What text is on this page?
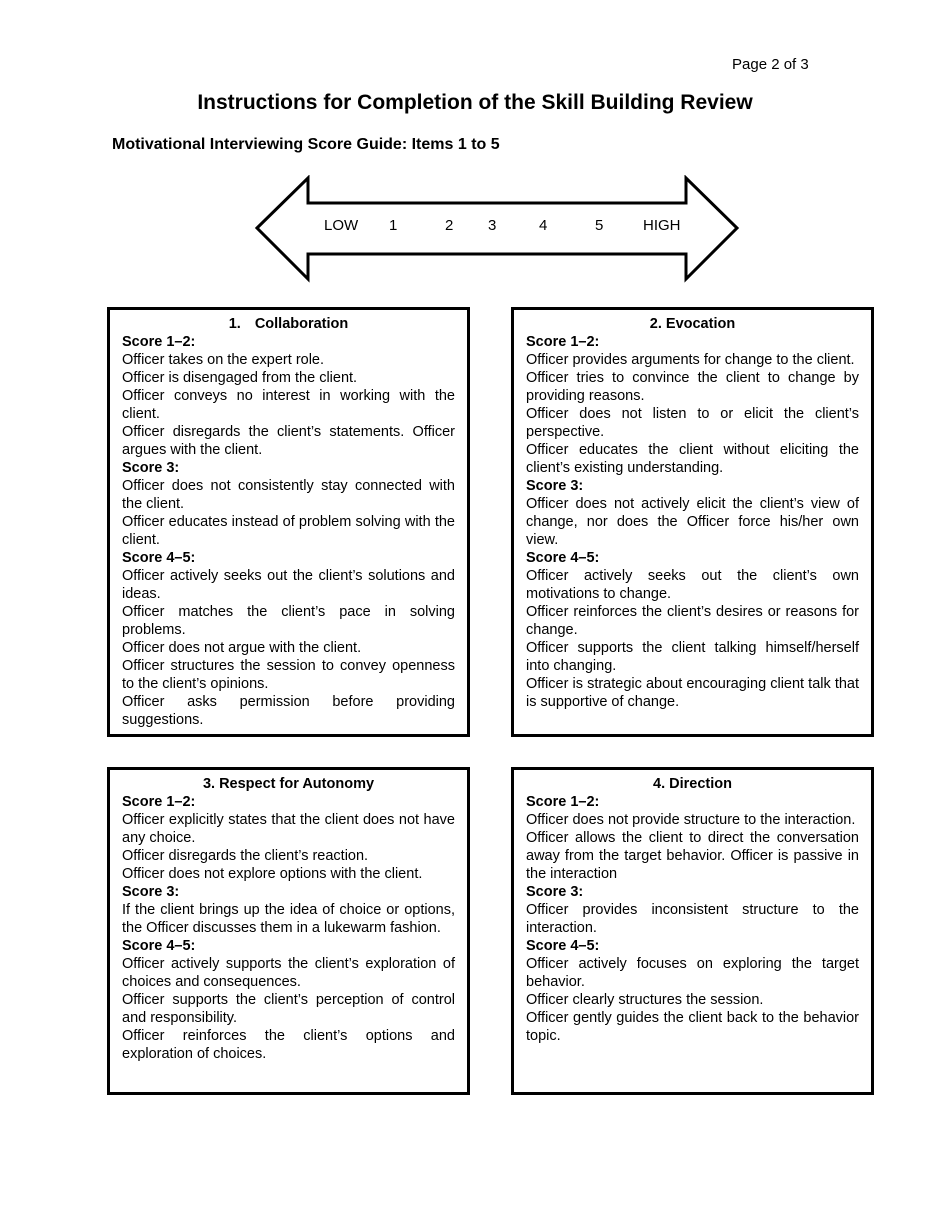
Page 2 of 3
Instructions for Completion of the Skill Building Review
Motivational Interviewing Score Guide: Items 1 to 5
LOW 1	2 3	4	5	HIGH
1. Collaboration
Score 1–2:
Officer takes on the expert role.
Officer is disengaged from the client.
Officer conveys no interest in working with the client.
Officer disregards the client’s statements. Officer argues with the client.
Score 3:
Officer does not consistently stay connected with the client.
Officer educates instead of problem solving with the client.
Score 4–5:
Officer actively seeks out the client’s solutions and ideas.
Officer matches the client’s pace in solving problems.
Officer does not argue with the client.
Officer structures the session to convey openness to the client’s opinions.
Officer asks permission before providing suggestions.
2. Evocation
Score 1–2:
Officer provides arguments for change to the client.
Officer tries to convince the client to change by providing reasons.
Officer does not listen to or elicit the client’s perspective.
Officer educates the client without eliciting the client’s existing understanding.
Score 3:
Officer does not actively elicit the client’s view of change, nor does the Officer force his/her own view.
Score 4–5:
Officer actively seeks out the client’s own motivations to change.
Officer reinforces the client’s desires or reasons for change.
Officer supports the client talking himself/herself into changing.
Officer is strategic about encouraging client talk that is supportive of change.
3. Respect for Autonomy
Score 1–2:
Officer explicitly states that the client does not have any choice.
Officer disregards the client’s reaction.
Officer does not explore options with the client.
Score 3:
If the client brings up the idea of choice or options, the Officer discusses them in a lukewarm fashion.
Score 4–5:
Officer actively supports the client’s exploration of choices and consequences.
Officer supports the client’s perception of control and responsibility.
Officer reinforces the client’s options and exploration of choices.
4. Direction
Score 1–2:
Officer does not provide structure to the interaction.
Officer allows the client to direct the conversation away from the target behavior. Officer is passive in the interaction
Score 3:
Officer provides inconsistent structure to the interaction.
Score 4–5:
Officer actively focuses on exploring the target behavior.
Officer clearly structures the session.
Officer gently guides the client back to the behavior topic.
